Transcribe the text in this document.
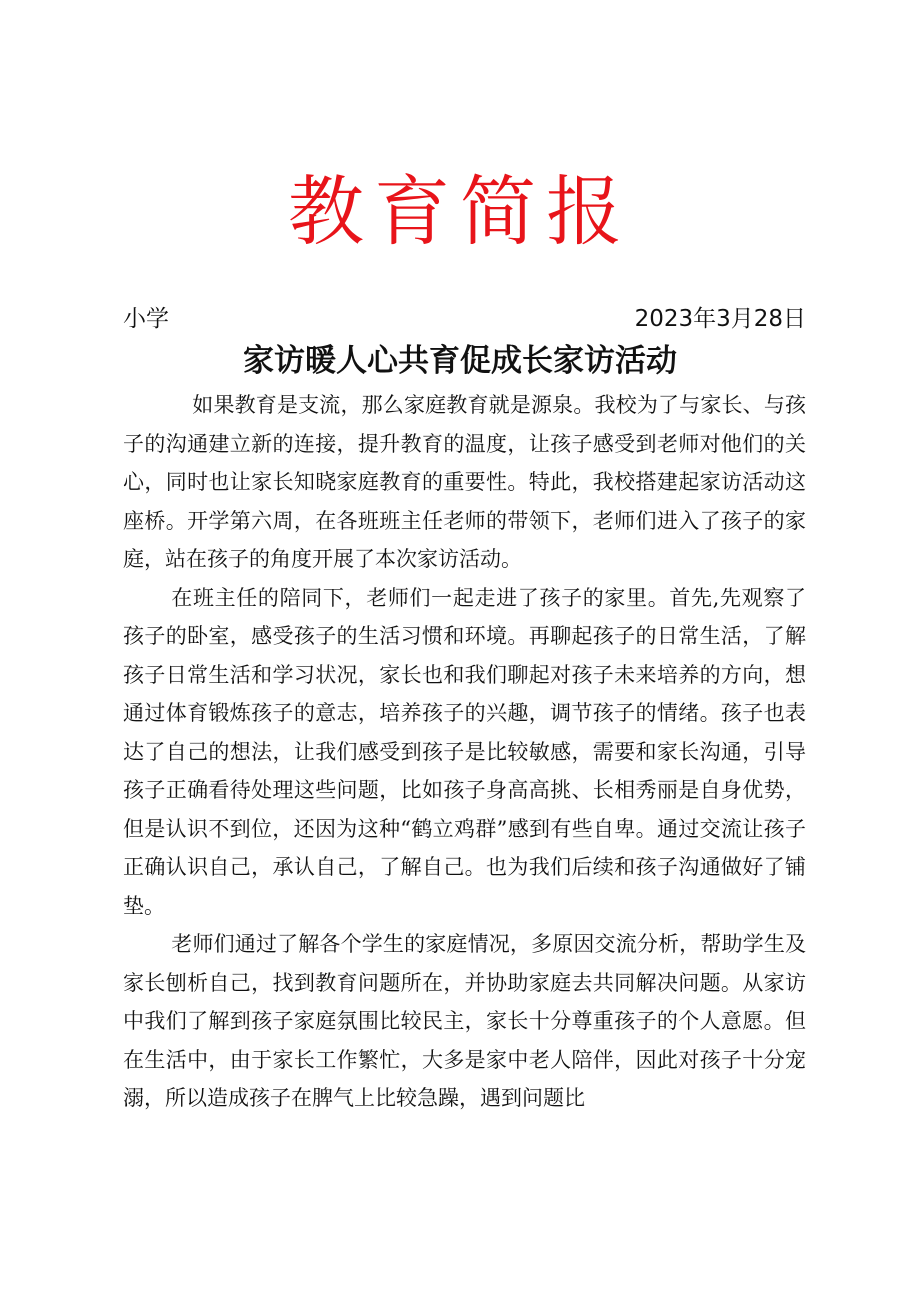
教育简报
小学	2023年3月28日
家访暖人心共育促成长家访活动

如果教育是支流，那么家庭教育就是源泉。我校为了与家长、与孩子的沟通建立新的连接，提升教育的温度，让孩子感受到老师对他们的关心，同时也让家长知晓家庭教育的重要性。特此，我校搭建起家访活动这座桥。开学第六周，在各班班主任老师的带领下，老师们进入了孩子的家庭，站在孩子的角度开展了本次家访活动。

在班主任的陪同下，老师们一起走进了孩子的家里。首先,先观察了孩子的卧室，感受孩子的生活习惯和环境。再聊起孩子的日常生活，了解孩子日常生活和学习状况，家长也和我们聊起对孩子未来培养的方向，想通过体育锻炼孩子的意志，培养孩子的兴趣，调节孩子的情绪。孩子也表达了自己的想法，让我们感受到孩子是比较敏感，需要和家长沟通，引导孩子正确看待处理这些问题，比如孩子身高高挑、长相秀丽是自身优势，但是认识不到位，还因为这种“鹤立鸡群”感到有些自卑。通过交流让孩子正确认识自己，承认自己，了解自己。也为我们后续和孩子沟通做好了铺垫。

老师们通过了解各个学生的家庭情况，多原因交流分析，帮助学生及家长刨析自己，找到教育问题所在，并协助家庭去共同解决问题。从家访中我们了解到孩子家庭氛围比较民主，家长十分尊重孩子的个人意愿。但在生活中，由于家长工作繁忙，大多是家中老人陪伴，因此对孩子十分宠溺，所以造成孩子在脾气上比较急躁，遇到问题比
